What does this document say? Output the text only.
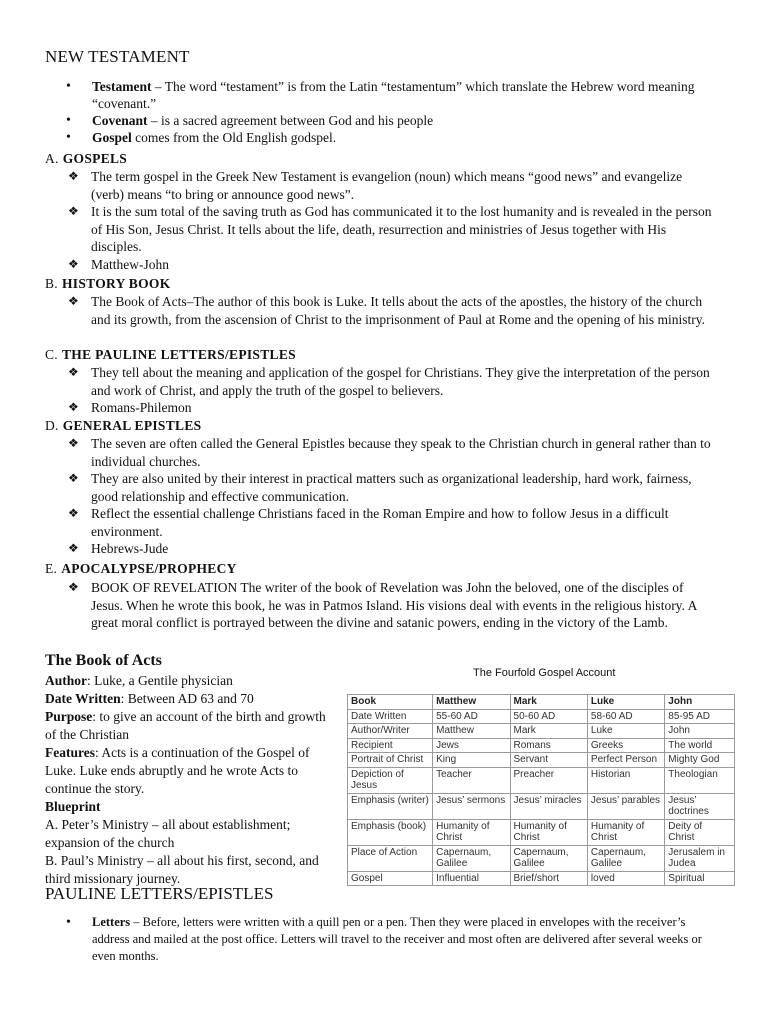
NEW TESTAMENT
• Testament – The word “testament” is from the Latin “testamentum” which translate the Hebrew word meaning “covenant.”
• Covenant – is a sacred agreement between God and his people
• Gospel comes from the Old English godspel.
A. GOSPELS
❖ The term gospel in the Greek New Testament is evangelion (noun) which means “good news” and evangelize (verb) means “to bring or announce good news”.
❖ It is the sum total of the saving truth as God has communicated it to the lost humanity and is revealed in the person of His Son, Jesus Christ. It tells about the life, death, resurrection and ministries of Jesus together with His disciples.
❖ Matthew-John
B. HISTORY BOOK
❖ The Book of Acts–The author of this book is Luke. It tells about the acts of the apostles, the history of the church and its growth, from the ascension of Christ to the imprisonment of Paul at Rome and the opening of his ministry.
C. THE PAULINE LETTERS/EPISTLES
❖ They tell about the meaning and application of the gospel for Christians. They give the interpretation of the person and work of Christ, and apply the truth of the gospel to believers.
❖ Romans-Philemon
D. GENERAL EPISTLES
❖ The seven are often called the General Epistles because they speak to the Christian church in general rather than to individual churches.
❖ They are also united by their interest in practical matters such as organizational leadership, hard work, fairness, good relationship and effective communication.
❖ Reflect the essential challenge Christians faced in the Roman Empire and how to follow Jesus in a difficult environment.
❖ Hebrews-Jude
E. APOCALYPSE/PROPHECY
❖ BOOK OF REVELATION The writer of the book of Revelation was John the beloved, one of the disciples of Jesus. When he wrote this book, he was in Patmos Island. His visions deal with events in the religious history. A great moral conflict is portrayed between the divine and satanic powers, ending in the victory of the Lamb.
The Book of Acts
Author: Luke, a Gentile physician
Date Written: Between AD 63 and 70
Purpose: to give an account of the birth and growth of the Christian
Features: Acts is a continuation of the Gospel of Luke. Luke ends abruptly and he wrote Acts to continue the story.
Blueprint
A. Peter’s Ministry – all about establishment; expansion of the church
B. Paul’s Ministry – all about his first, second, and third missionary journey.
PAULINE LETTERS/EPISTLES
• Letters – Before, letters were written with a quill pen or a pen. Then they were placed in envelopes with the receiver’s address and mailed at the post office. Letters will travel to the receiver and most often are delivered after several weeks or even months.
The Fourfold Gospel Account
Book	Matthew	Mark	Luke	John
Date Written	55-60 AD	50-60 AD	58-60 AD	85-95 AD
Author/Writer	Matthew	Mark	Luke	John
Recipient	Jews	Romans	Greeks	The world
Portrait of Christ	King	Servant	Perfect Person	Mighty God
Depiction of Jesus	Teacher	Preacher	Historian	Theologian
Emphasis (writer)	Jesus’ sermons	Jesus’ miracles	Jesus’ parables	Jesus’ doctrines
Emphasis (book)	Humanity of Christ	Humanity of Christ	Humanity of Christ	Deity of Christ
Place of Action	Capernaum, Galilee	Capernaum, Galilee	Capernaum, Galilee	Jerusalem in Judea
Gospel	Influential	Brief/short	loved	Spiritual
